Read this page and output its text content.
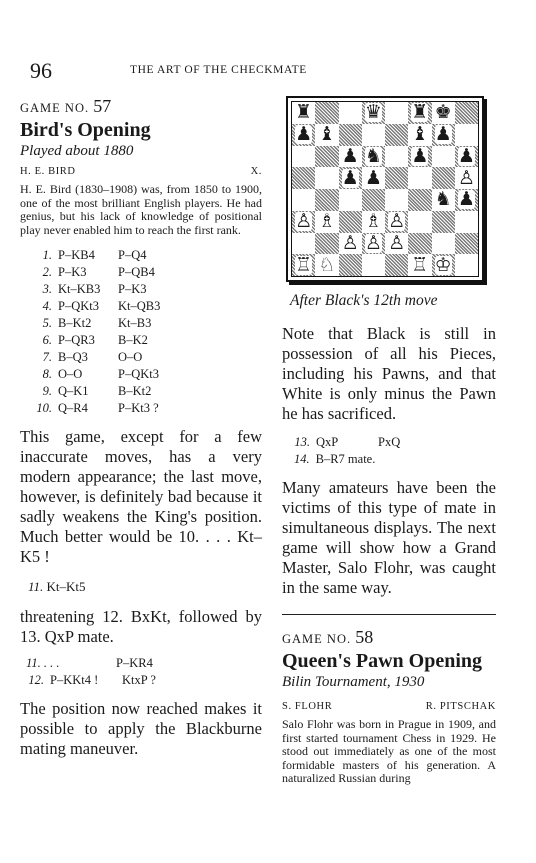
96	THE ART OF THE CHECKMATE
GAME NO. 57
Bird's Opening
Played about 1880
H. E. BIRD	X.
H. E. Bird (1830–1908) was, from 1850 to 1900, one of the most brilliant English players. He had genius, but his lack of knowledge of positional play never enabled him to reach the first rank.
1. P–KB4	P–Q4
2. P–K3	P–QB4
3. Kt–KB3	P–K3
4. P–QKt3	Kt–QB3
5. B–Kt2	Kt–B3
6. P–QR3	B–K2
7. B–Q3	O–O
8. O–O	P–QKt3
9. Q–K1	B–Kt2
10. Q–R4	P–Kt3 ?
This game, except for a few inaccurate moves, has a very modern appearance; the last move, however, is definitely bad because it sadly weakens the King's position. Much better would be 10. . . . Kt–K5 !
11. Kt–Kt5
threatening 12. BxKt, followed by 13. QxP mate.
11. . . .	P–KR4
12. P–KKt4 !	KtxP ?
The position now reached makes it possible to apply the Blackburne mating maneuver.
♜	♛ ♜ ♚
♟ ♝	♝ ♟
♟ ♞ ♟ ♟
♟ ♟	♙
♞ ♟
♙ ♗ ♗ ♙
♙ ♙ ♙
♖ ♘	♖ ♔
After Black's 12th move
Note that Black is still in possession of all his Pieces, including his Pawns, and that White is only minus the Pawn he has sacrificed.
13. QxP	PxQ
14. B–R7 mate.
Many amateurs have been the victims of this type of mate in simultaneous displays. The next game will show how a Grand Master, Salo Flohr, was caught in the same way.
GAME NO. 58
Queen's Pawn Opening
Bilin Tournament, 1930
S. FLOHR	R. PITSCHAK
Salo Flohr was born in Prague in 1909, and first started tournament Chess in 1929. He stood out immediately as one of the most formidable masters of his generation. A naturalized Russian during
